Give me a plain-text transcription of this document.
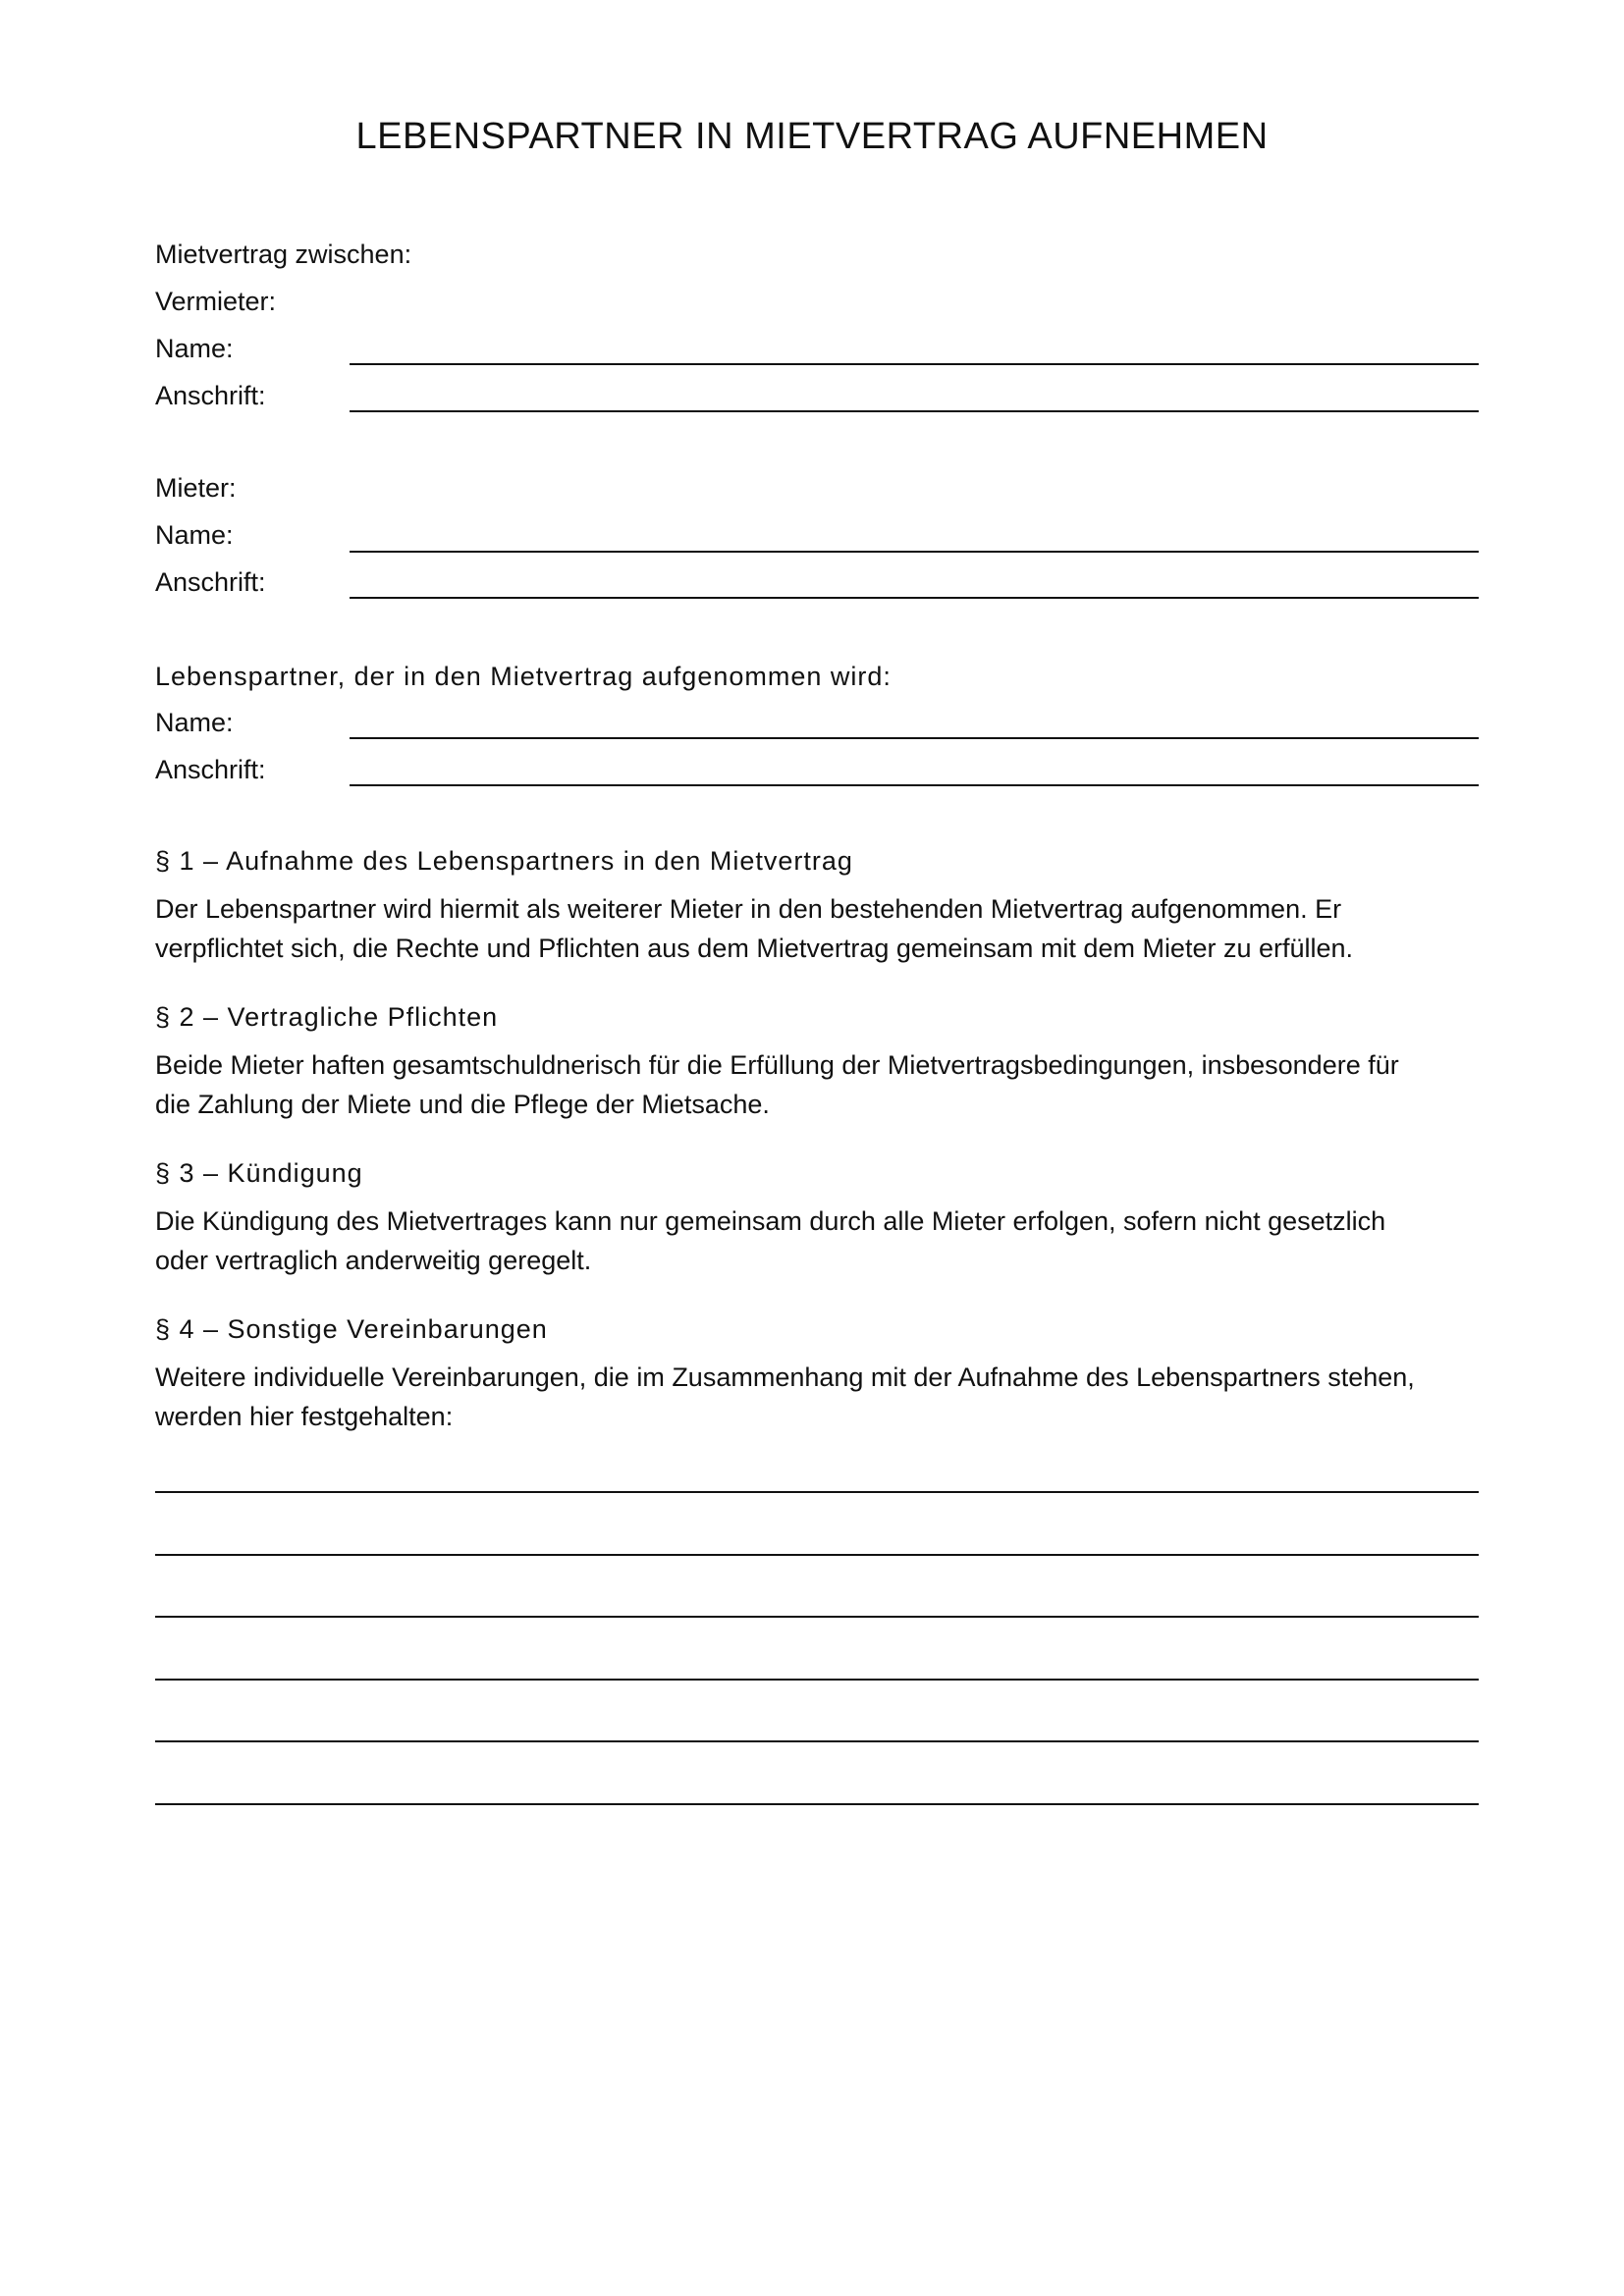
LEBENSPARTNER IN MIETVERTRAG AUFNEHMEN
Mietvertrag zwischen:
Vermieter:
Name:
Anschrift:
Mieter:
Name:
Anschrift:
Lebenspartner, der in den Mietvertrag aufgenommen wird:
Name:
Anschrift:
§ 1 – Aufnahme des Lebenspartners in den Mietvertrag
Der Lebenspartner wird hiermit als weiterer Mieter in den bestehenden Mietvertrag aufgenommen. Er
verpflichtet sich, die Rechte und Pflichten aus dem Mietvertrag gemeinsam mit dem Mieter zu erfüllen.
§ 2 – Vertragliche Pflichten
Beide Mieter haften gesamtschuldnerisch für die Erfüllung der Mietvertragsbedingungen, insbesondere für
die Zahlung der Miete und die Pflege der Mietsache.
§ 3 – Kündigung
Die Kündigung des Mietvertrages kann nur gemeinsam durch alle Mieter erfolgen, sofern nicht gesetzlich
oder vertraglich anderweitig geregelt.
§ 4 – Sonstige Vereinbarungen
Weitere individuelle Vereinbarungen, die im Zusammenhang mit der Aufnahme des Lebenspartners stehen,
werden hier festgehalten:
